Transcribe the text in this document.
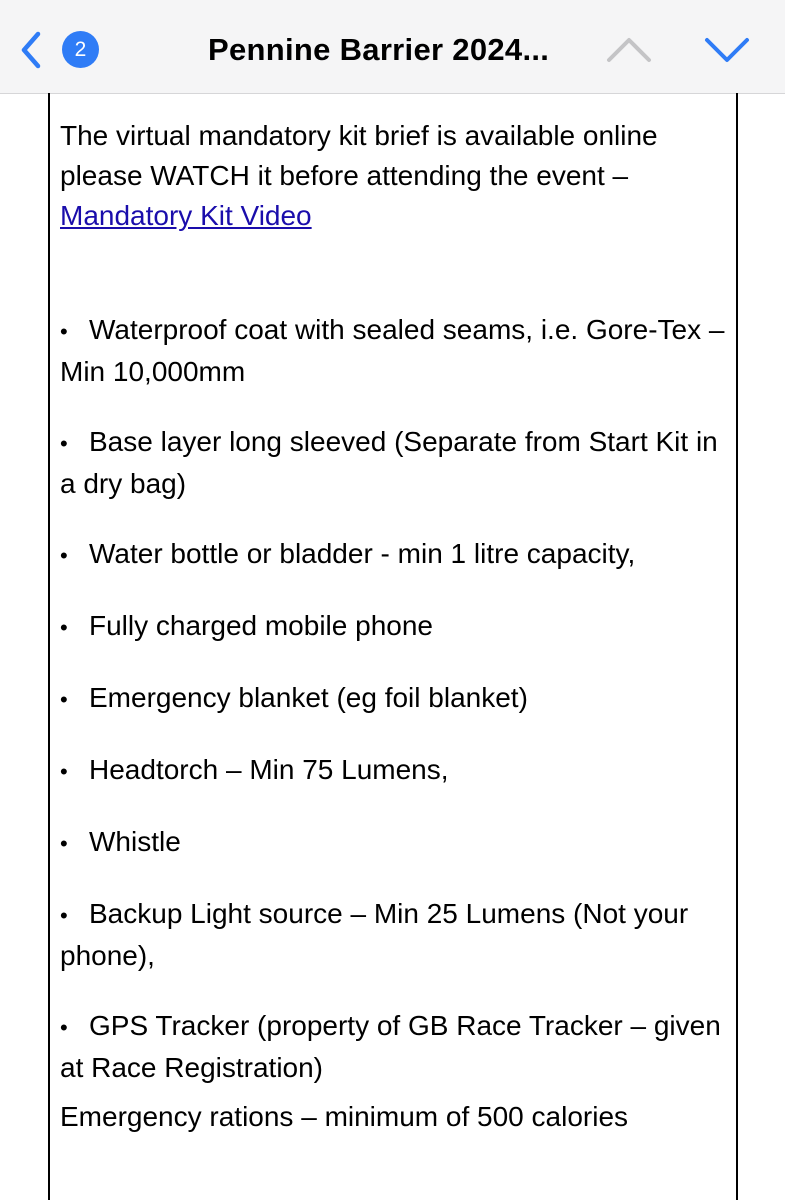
2	Pennine Barrier 2024...

The virtual mandatory kit brief is available online please WATCH it before attending the event – Mandatory Kit Video

• Waterproof coat with sealed seams, i.e. Gore-Tex – Min 10,000mm
• Base layer long sleeved (Separate from Start Kit in a dry bag)
• Water bottle or bladder - min 1 litre capacity,
• Fully charged mobile phone
• Emergency blanket (eg foil blanket)
• Headtorch – Min 75 Lumens,
• Whistle
• Backup Light source – Min 25 Lumens (Not your phone),
• GPS Tracker (property of GB Race Tracker – given at Race Registration)

Emergency rations – minimum of 500 calories
